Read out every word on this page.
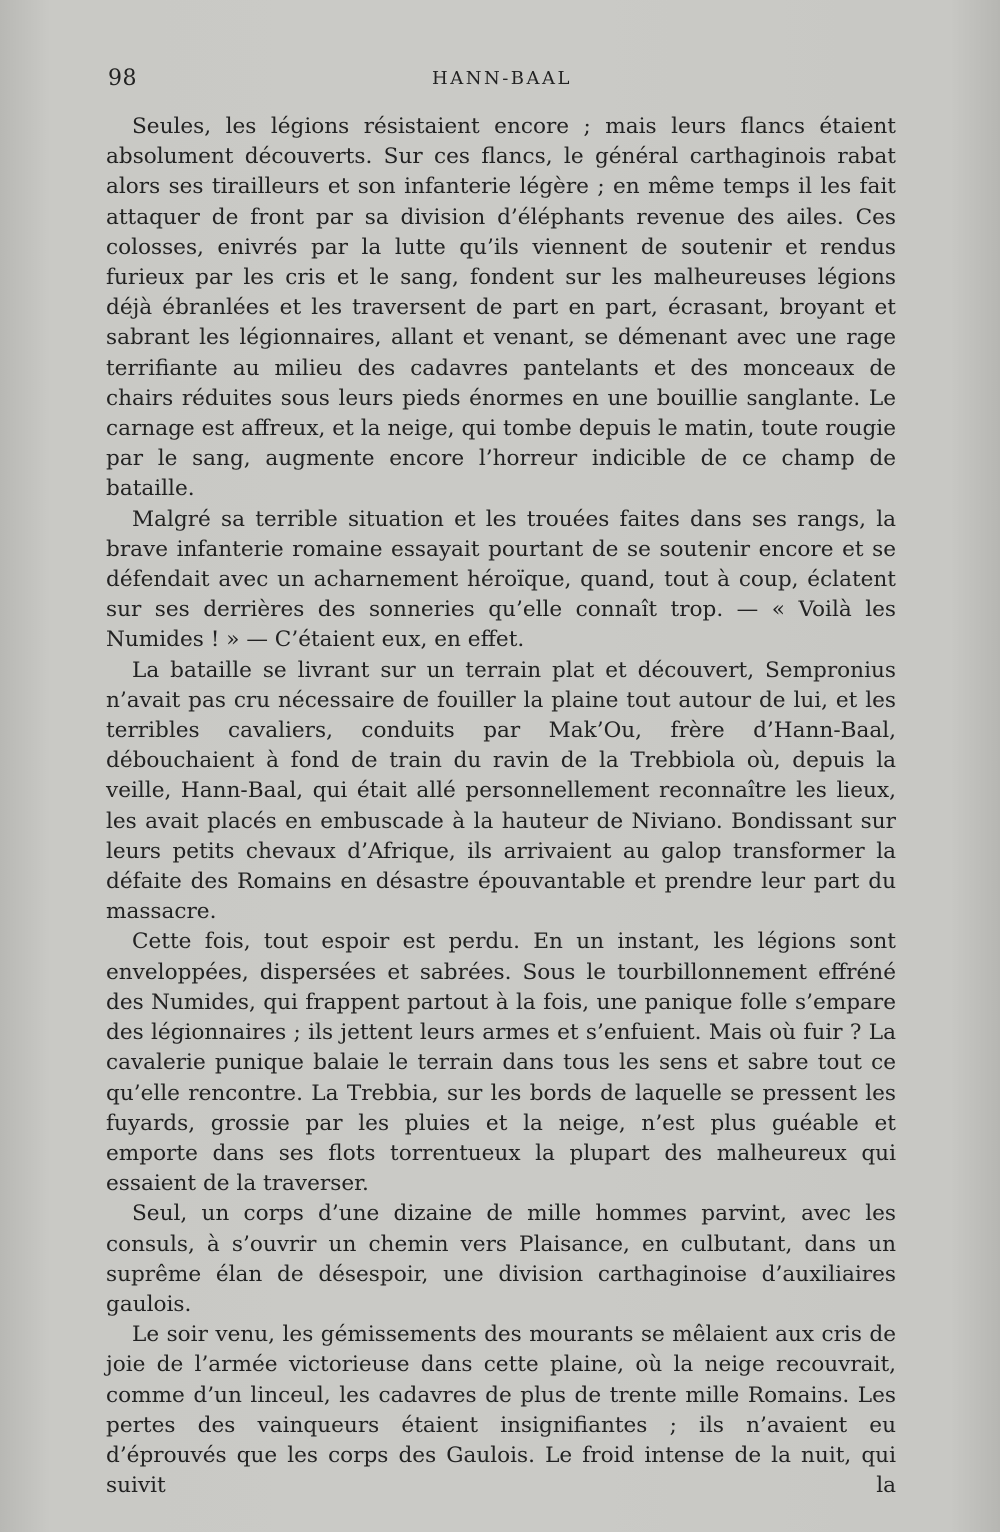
98	HANN-BAAL

Seules, les légions résistaient encore ; mais leurs flancs étaient absolument découverts. Sur ces flancs, le général carthaginois rabat alors ses tirailleurs et son infanterie légère ; en même temps il les fait attaquer de front par sa division d’éléphants revenue des ailes. Ces colosses, enivrés par la lutte qu’ils viennent de soutenir et rendus furieux par les cris et le sang, fondent sur les malheureuses légions déjà ébranlées et les traversent de part en part, écrasant, broyant et sabrant les légionnaires, allant et venant, se démenant avec une rage terrifiante au milieu des cadavres pantelants et des monceaux de chairs réduites sous leurs pieds énormes en une bouillie sanglante. Le carnage est affreux, et la neige, qui tombe depuis le matin, toute rougie par le sang, augmente encore l’horreur indicible de ce champ de bataille.

Malgré sa terrible situation et les trouées faites dans ses rangs, la brave infanterie romaine essayait pourtant de se soutenir encore et se défendait avec un acharnement héroïque, quand, tout à coup, éclatent sur ses derrières des sonneries qu’elle connaît trop. — « Voilà les Numides ! » — C’étaient eux, en effet.

La bataille se livrant sur un terrain plat et découvert, Sempronius n’avait pas cru nécessaire de fouiller la plaine tout autour de lui, et les terribles cavaliers, conduits par Mak’Ou, frère d’Hann-Baal, débouchaient à fond de train du ravin de la Trebbiola où, depuis la veille, Hann-Baal, qui était allé personnellement reconnaître les lieux, les avait placés en embuscade à la hauteur de Niviano. Bondissant sur leurs petits chevaux d’Afrique, ils arrivaient au galop transformer la défaite des Romains en désastre épouvantable et prendre leur part du massacre.

Cette fois, tout espoir est perdu. En un instant, les légions sont enveloppées, dispersées et sabrées. Sous le tourbillonnement effréné des Numides, qui frappent partout à la fois, une panique folle s’empare des légionnaires ; ils jettent leurs armes et s’enfuient. Mais où fuir ? La cavalerie punique balaie le terrain dans tous les sens et sabre tout ce qu’elle rencontre. La Trebbia, sur les bords de laquelle se pressent les fuyards, grossie par les pluies et la neige, n’est plus guéable et emporte dans ses flots torrentueux la plupart des malheureux qui essaient de la traverser.

Seul, un corps d’une dizaine de mille hommes parvint, avec les consuls, à s’ouvrir un chemin vers Plaisance, en culbutant, dans un suprême élan de désespoir, une division carthaginoise d’auxiliaires gaulois.

Le soir venu, les gémissements des mourants se mêlaient aux cris de joie de l’armée victorieuse dans cette plaine, où la neige recouvrait, comme d’un linceul, les cadavres de plus de trente mille Romains. Les pertes des vainqueurs étaient insignifiantes ; ils n’avaient eu d’éprouvés que les corps des Gaulois. Le froid intense de la nuit, qui suivit la
